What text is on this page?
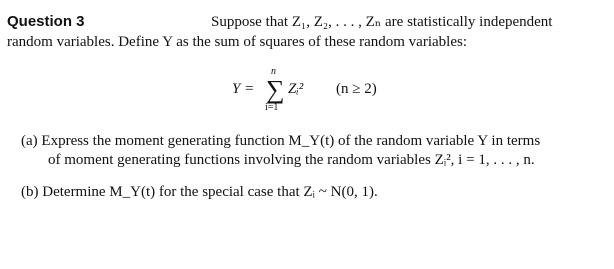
Question 3	Suppose that Z₁, Z₂, . . . , Zₙ are statistically independent
random variables. Define Y as the sum of squares of these random variables:
n
Y = ∑ Zᵢ² (n ≥ 2)
i=1
(a) Express the moment generating function M_Y(t) of the random variable Y in terms
of moment generating functions involving the random variables Zᵢ², i = 1, . . . , n.
(b) Determine M_Y(t) for the special case that Zᵢ ~ N(0, 1).
